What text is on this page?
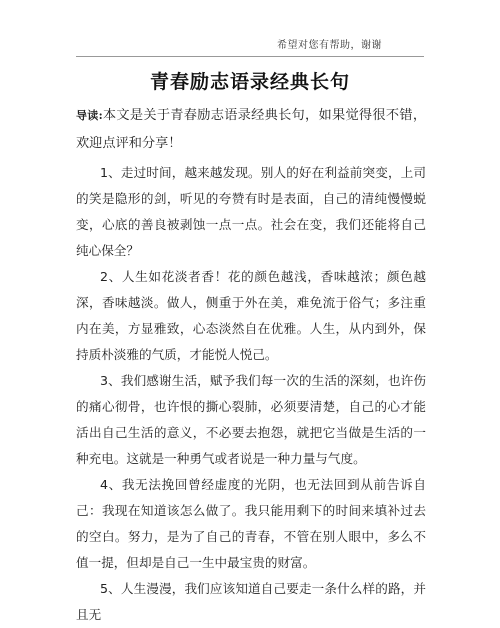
希望对您有帮助，谢谢
青春励志语录经典长句

导读:本文是关于青春励志语录经典长句，如果觉得很不错，欢迎点评和分享！

1、走过时间，越来越发现。别人的好在利益前突变，上司的笑是隐形的剑，听见的夸赞有时是表面，自己的清纯慢慢蜕变，心底的善良被剥蚀一点一点。社会在变，我们还能将自己纯心保全？

2、人生如花淡者香！花的颜色越浅，香味越浓；颜色越深，香味越淡。做人，侧重于外在美，难免流于俗气；多注重内在美，方显雅致，心态淡然自在优雅。人生，从内到外，保持质朴淡雅的气质，才能悦人悦己。

3、我们感谢生活，赋予我们每一次的生活的深刻，也许伤的痛心彻骨，也许恨的撕心裂肺，必须要清楚，自己的心才能活出自己生活的意义，不必要去抱怨，就把它当做是生活的一种充电。这就是一种勇气或者说是一种力量与气度。

4、我无法挽回曾经虚度的光阴，也无法回到从前告诉自己：我现在知道该怎么做了。我只能用剩下的时间来填补过去的空白。努力，是为了自己的青春，不管在别人眼中，多么不值一提，但却是自己一生中最宝贵的财富。

5、人生漫漫，我们应该知道自己要走一条什么样的路，并且无
